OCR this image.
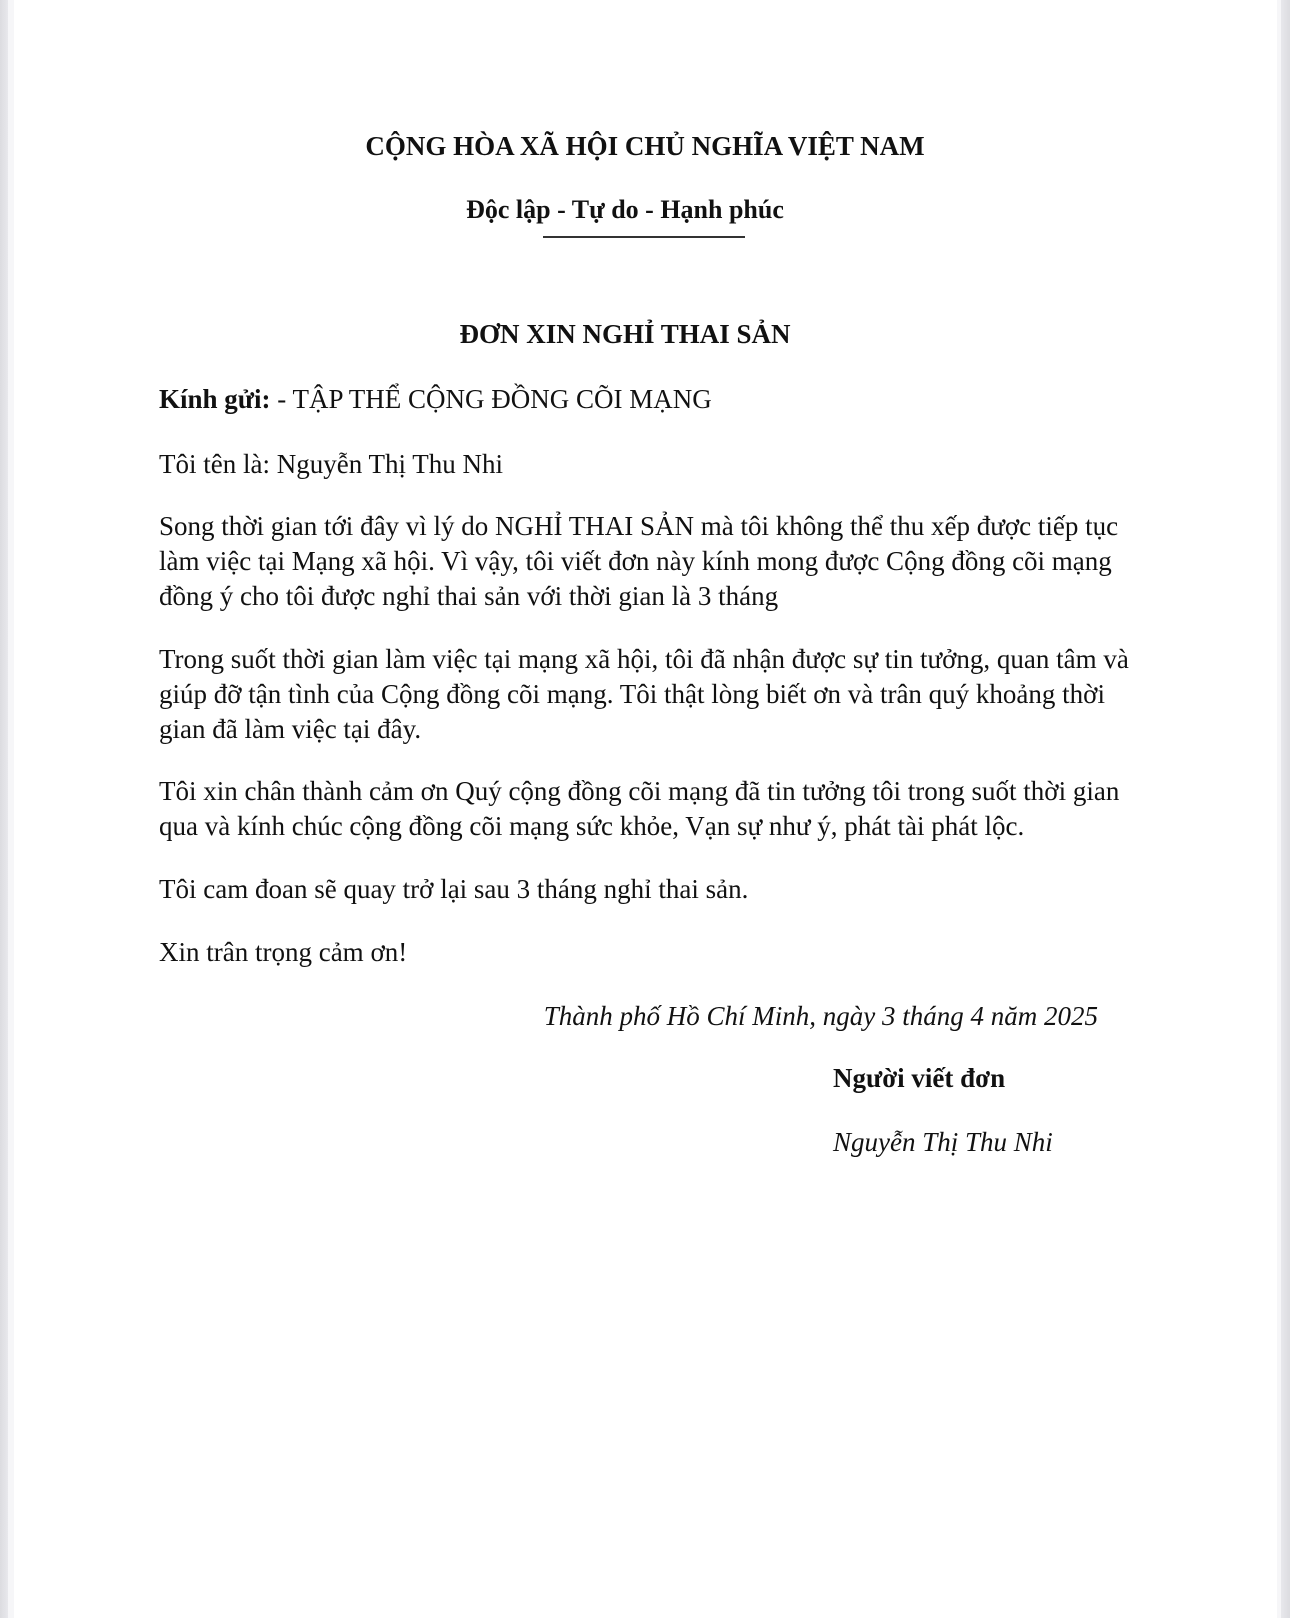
CỘNG HÒA XÃ HỘI CHỦ NGHĨA VIỆT NAM
Độc lập - Tự do - Hạnh phúc
ĐƠN XIN NGHỈ THAI SẢN
Kính gửi: - TẬP THỂ CỘNG ĐỒNG CÕI MẠNG
Tôi tên là: Nguyễn Thị Thu Nhi
Song thời gian tới đây vì lý do NGHỈ THAI SẢN mà tôi không thể thu xếp được tiếp tục
làm việc tại Mạng xã hội. Vì vậy, tôi viết đơn này kính mong được Cộng đồng cõi mạng
đồng ý cho tôi được nghỉ thai sản với thời gian là 3 tháng
Trong suốt thời gian làm việc tại mạng xã hội, tôi đã nhận được sự tin tưởng, quan tâm và
giúp đỡ tận tình của Cộng đồng cõi mạng. Tôi thật lòng biết ơn và trân quý khoảng thời
gian đã làm việc tại đây.
Tôi xin chân thành cảm ơn Quý cộng đồng cõi mạng đã tin tưởng tôi trong suốt thời gian
qua và kính chúc cộng đồng cõi mạng sức khỏe, Vạn sự như ý, phát tài phát lộc.
Tôi cam đoan sẽ quay trở lại sau 3 tháng nghỉ thai sản.
Xin trân trọng cảm ơn!
Thành phố Hồ Chí Minh, ngày 3 tháng 4 năm 2025
Người viết đơn
Nguyễn Thị Thu Nhi
